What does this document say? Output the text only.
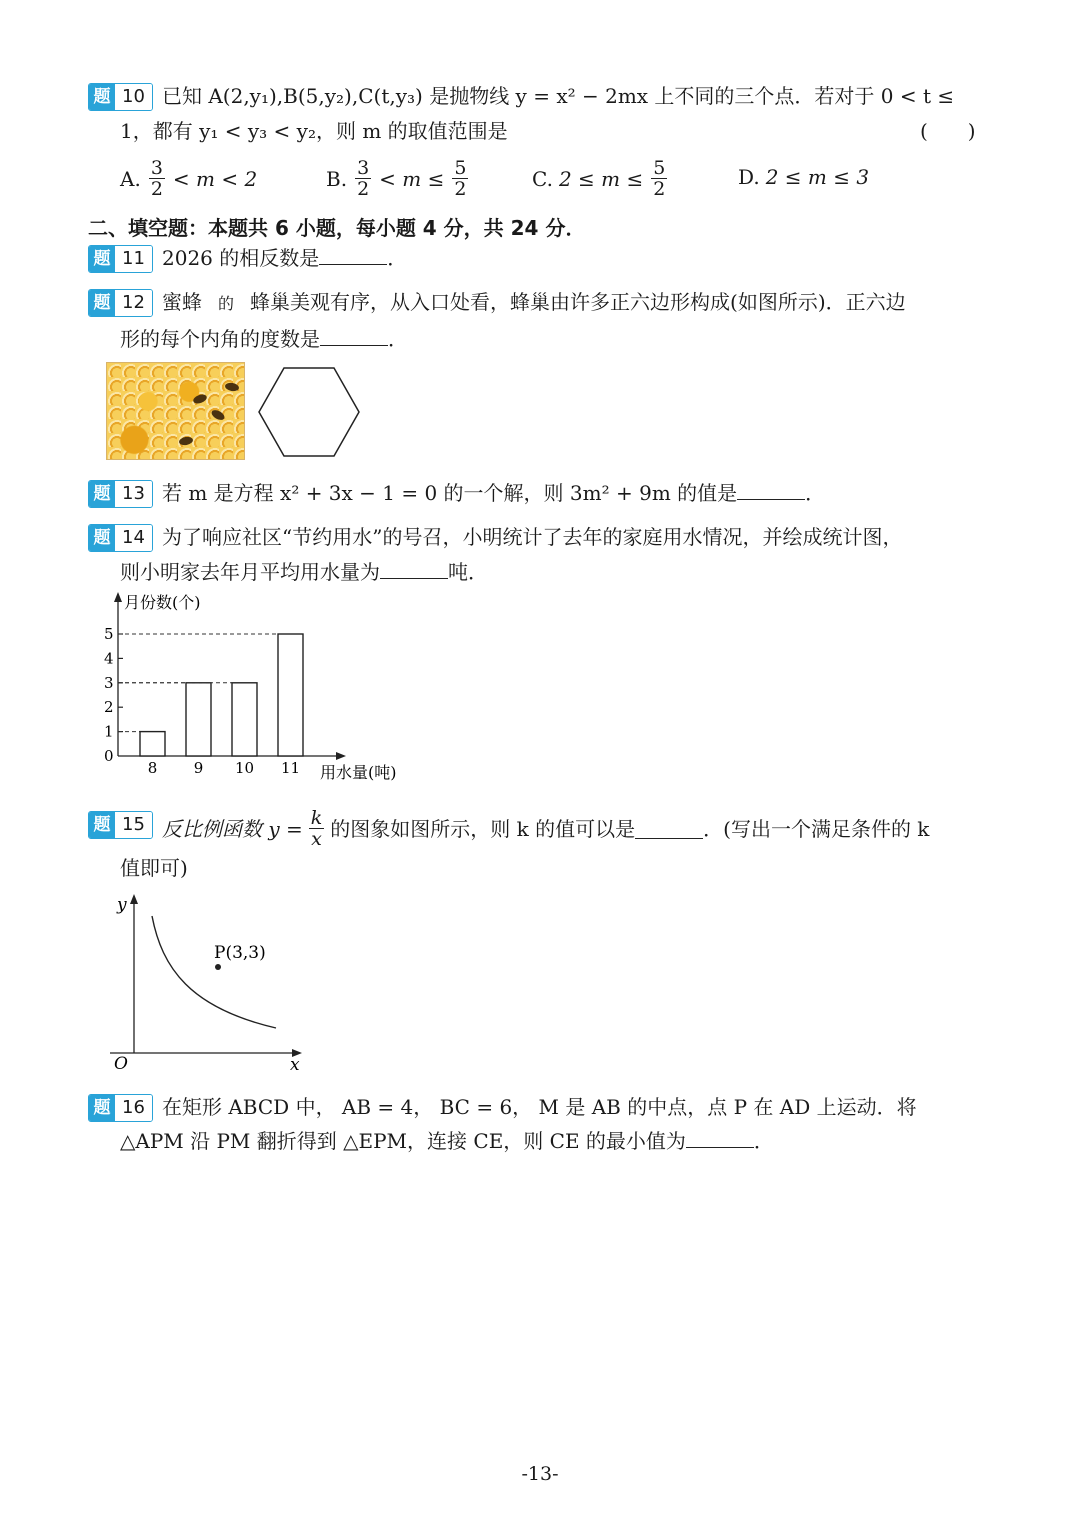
题 10 已知 A(2,y₁),B(5,y₂),C(t,y₃) 是抛物线 y = x² − 2mx 上不同的三个点．若对于 0 < t ≤
1，都有 y₁ < y₃ < y₂，则 m 的取值范围是	(　　)
A. $\frac{3}{2} < m < 2$	B. $\frac{3}{2} < m \le \frac{5}{2}$	C. $2 \le m \le \frac{5}{2}$	D. 2 ≤ m ≤ 3
二、填空题：本题共 6 小题，每小题 4 分，共 24 分．
题 11 2026 的相反数是	．
题 12 蜜蜂 的 蜂巢美观有序，从入口处看，蜂巢由许多正六边形构成(如图所示)．正六边
形的每个内角的度数是	．
题 13 若 m 是方程 x² + 3x − 1 = 0 的一个解，则 3m² + 9m 的值是	．
题 14 为了响应社区“节约用水”的号召，小明统计了去年的家庭用水情况，并绘成统计图，
则小明家去年月平均用水量为	吨．
月份数(个)
用水量(吨)
0
1
2
3
4
5
8 9 10 11
题 15 反比例函数 $y = \frac{k}{x}$ 的图象如图所示，则 k 的值可以是	．(写出一个满足条件的 k
值即可)
y
x
O
P(3,3)
题 16 在矩形 ABCD 中， AB = 4， BC = 6， M 是 AB 的中点，点 P 在 AD 上运动．将
△APM 沿 PM 翻折得到 △EPM，连接 CE，则 CE 的最小值为	．
-13-
